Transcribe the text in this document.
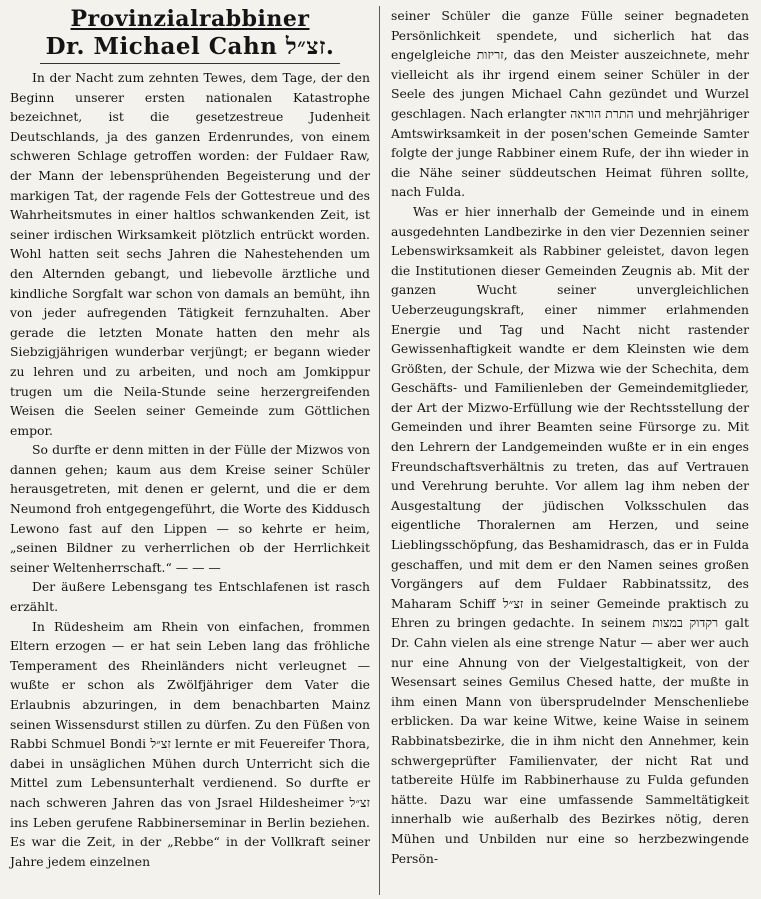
Provinzialrabbiner
Dr. Michael Cahn זצ״ל.

In der Nacht zum zehnten Tewes, dem Tage, der den Beginn unserer ersten nationalen Katastrophe bezeichnet, ist die gesetzestreue Judenheit Deutschlands, ja des ganzen Erdenrundes, von einem schweren Schlage getroffen worden: der Fuldaer Raw, der Mann der lebensprühenden Begeisterung und der markigen Tat, der ragende Fels der Gottestreue und des Wahrheitsmutes in einer haltlos schwankenden Zeit, ist seiner irdischen Wirksamkeit plötzlich entrückt worden. Wohl hatten seit sechs Jahren die Nahestehenden um den Alternden gebangt, und liebevolle ärztliche und kindliche Sorgfalt war schon von damals an bemüht, ihn von jeder aufregenden Tätigkeit fernzuhalten. Aber gerade die letzten Monate hatten den mehr als Siebzigjährigen wunderbar verjüngt; er begann wieder zu lehren und zu arbeiten, und noch am Jomkippur trugen um die Neila-Stunde seine herzergreifenden Weisen die Seelen seiner Gemeinde zum Göttlichen empor.

So durfte er denn mitten in der Fülle der Mizwos von dannen gehen; kaum aus dem Kreise seiner Schüler herausgetreten, mit denen er gelernt, und die er dem Neumond froh entgegengeführt, die Worte des Kiddusch Lewono fast auf den Lippen — so kehrte er heim, „seinen Bildner zu verherrlichen ob der Herrlichkeit seiner Weltenherrschaft.“ — — —

Der äußere Lebensgang tes Entschlafenen ist rasch erzählt.

In Rüdesheim am Rhein von einfachen, frommen Eltern erzogen — er hat sein Leben lang das fröhliche Temperament des Rheinländers nicht verleugnet — wußte er schon als Zwölfjähriger dem Vater die Erlaubnis abzuringen, in dem benachbarten Mainz seinen Wissensdurst stillen zu dürfen. Zu den Füßen von Rabbi Schmuel Bondi זצ״ל lernte er mit Feuereifer Thora, dabei in unsäglichen Mühen durch Unterricht sich die Mittel zum Lebensunterhalt verdienend. So durfte er nach schweren Jahren das von Jsrael Hildesheimer זצ״ל ins Leben gerufene Rabbinerseminar in Berlin beziehen. Es war die Zeit, in der „Rebbe“ in der Vollkraft seiner Jahre jedem einzelnen

seiner Schüler die ganze Fülle seiner begnadeten Persönlichkeit spendete, und sicherlich hat das engelgleiche זריזות, das den Meister auszeichnete, mehr vielleicht als ihr irgend einem seiner Schüler in der Seele des jungen Michael Cahn gezündet und Wurzel geschlagen. Nach erlangter התרת הוראה und mehrjähriger Amtswirksamkeit in der posen'schen Gemeinde Samter folgte der junge Rabbiner einem Rufe, der ihn wieder in die Nähe seiner süddeutschen Heimat führen sollte, nach Fulda.

Was er hier innerhalb der Gemeinde und in einem ausgedehnten Landbezirke in den vier Dezennien seiner Lebenswirksamkeit als Rabbiner geleistet, davon legen die Institutionen dieser Gemeinden Zeugnis ab. Mit der ganzen Wucht seiner unvergleichlichen Ueberzeugungskraft, einer nimmer erlahmenden Energie und Tag und Nacht nicht rastender Gewissenhaftigkeit wandte er dem Kleinsten wie dem Größten, der Schule, der Mizwa wie der Schechita, dem Geschäfts- und Familienleben der Gemeindemitglieder, der Art der Mizwo-Erfüllung wie der Rechtsstellung der Gemeinden und ihrer Beamten seine Fürsorge zu. Mit den Lehrern der Landgemeinden wußte er in ein enges Freundschaftsverhältnis zu treten, das auf Vertrauen und Verehrung beruhte. Vor allem lag ihm neben der Ausgestaltung der jüdischen Volksschulen das eigentliche Thoralernen am Herzen, und seine Lieblingsschöpfung, das Beshamidrasch, das er in Fulda geschaffen, und mit dem er den Namen seines großen Vorgängers auf dem Fuldaer Rabbinatssitz, des Maharam Schiff זצ״ל in seiner Gemeinde praktisch zu Ehren zu bringen gedachte. In seinem רקדוק במצות galt Dr. Cahn vielen als eine strenge Natur — aber wer auch nur eine Ahnung von der Vielgestaltigkeit, von der Wesensart seines Gemilus Chesed hatte, der mußte in ihm einen Mann von übersprudelnder Menschenliebe erblicken. Da war keine Witwe, keine Waise in seinem Rabbinatsbezirke, die in ihm nicht den Annehmer, kein schwergeprüfter Familienvater, der nicht Rat und tatbereite Hülfe im Rabbinerhause zu Fulda gefunden hätte. Dazu war eine umfassende Sammeltätigkeit innerhalb wie außerhalb des Bezirkes nötig, deren Mühen und Unbilden nur eine so herzbezwingende Persön-
